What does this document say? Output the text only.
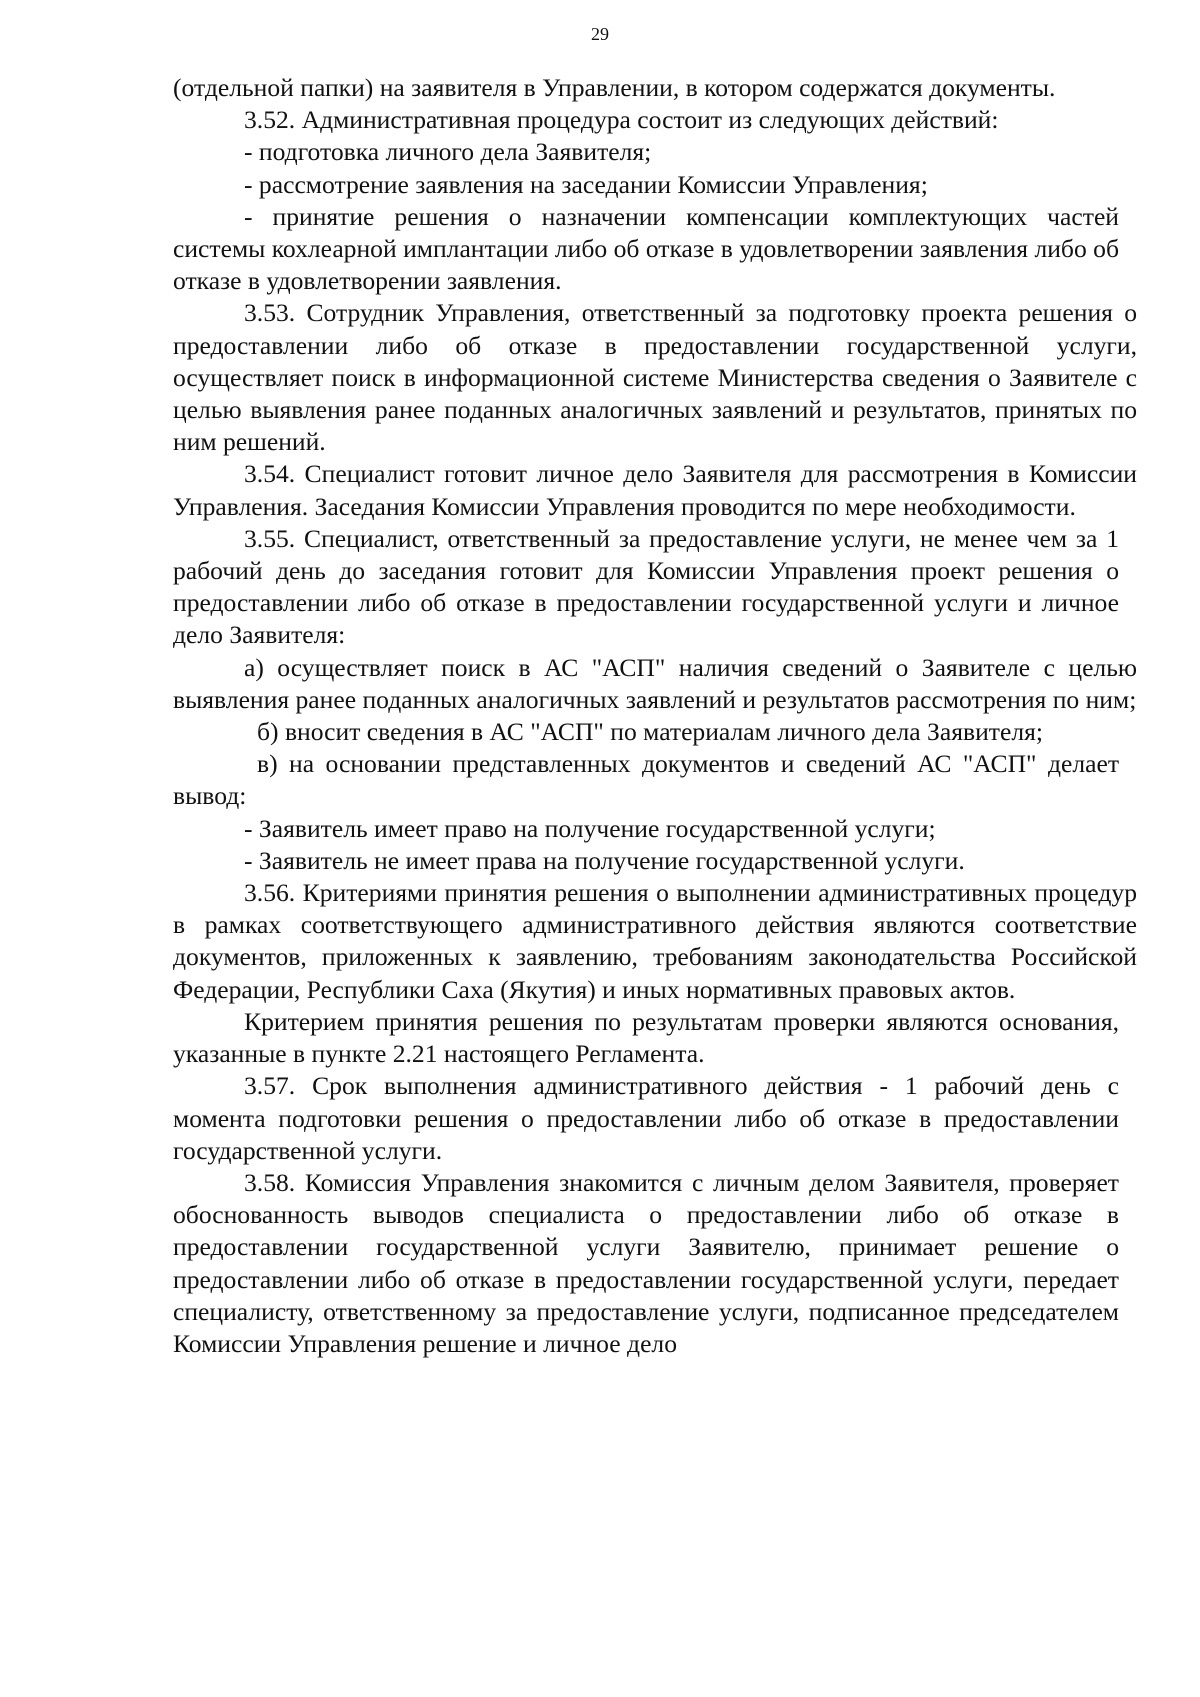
29

(отдельной папки) на заявителя в Управлении, в котором содержатся документы.

3.52. Административная процедура состоит из следующих действий:

- подготовка личного дела Заявителя;

- рассмотрение заявления на заседании Комиссии Управления;

- принятие решения о назначении компенсации комплектующих частей системы кохлеарной имплантации либо об отказе в удовлетворении заявления либо об отказе в удовлетворении заявления.

3.53. Сотрудник Управления, ответственный за подготовку проекта решения о предоставлении либо об отказе в предоставлении государственной услуги, осуществляет поиск в информационной системе Министерства сведения о Заявителе с целью выявления ранее поданных аналогичных заявлений и результатов, принятых по ним решений.

3.54. Специалист готовит личное дело Заявителя для рассмотрения в Комиссии Управления. Заседания Комиссии Управления проводится по мере необходимости.

3.55. Специалист, ответственный за предоставление услуги, не менее чем за 1 рабочий день до заседания готовит для Комиссии Управления проект решения о предоставлении либо об отказе в предоставлении государственной услуги и личное дело Заявителя:

а) осуществляет поиск в АС "АСП" наличия сведений о Заявителе с целью выявления ранее поданных аналогичных заявлений и результатов рассмотрения по ним;

б) вносит сведения в АС "АСП" по материалам личного дела Заявителя;

в) на основании представленных документов и сведений АС "АСП" делает вывод:

- Заявитель имеет право на получение государственной услуги;

- Заявитель не имеет права на получение государственной услуги.

3.56. Критериями принятия решения о выполнении административных процедур в рамках соответствующего административного действия являются соответствие документов, приложенных к заявлению, требованиям законодательства Российской Федерации, Республики Саха (Якутия) и иных нормативных правовых актов.

Критерием принятия решения по результатам проверки являются основания, указанные в пункте 2.21 настоящего Регламента.

3.57. Срок выполнения административного действия - 1 рабочий день с момента подготовки решения о предоставлении либо об отказе в предоставлении государственной услуги.

3.58. Комиссия Управления знакомится с личным делом Заявителя, проверяет обоснованность выводов специалиста о предоставлении либо об отказе в предоставлении государственной услуги Заявителю, принимает решение о предоставлении либо об отказе в предоставлении государственной услуги, передает специалисту, ответственному за предоставление услуги, подписанное председателем Комиссии Управления решение и личное дело
